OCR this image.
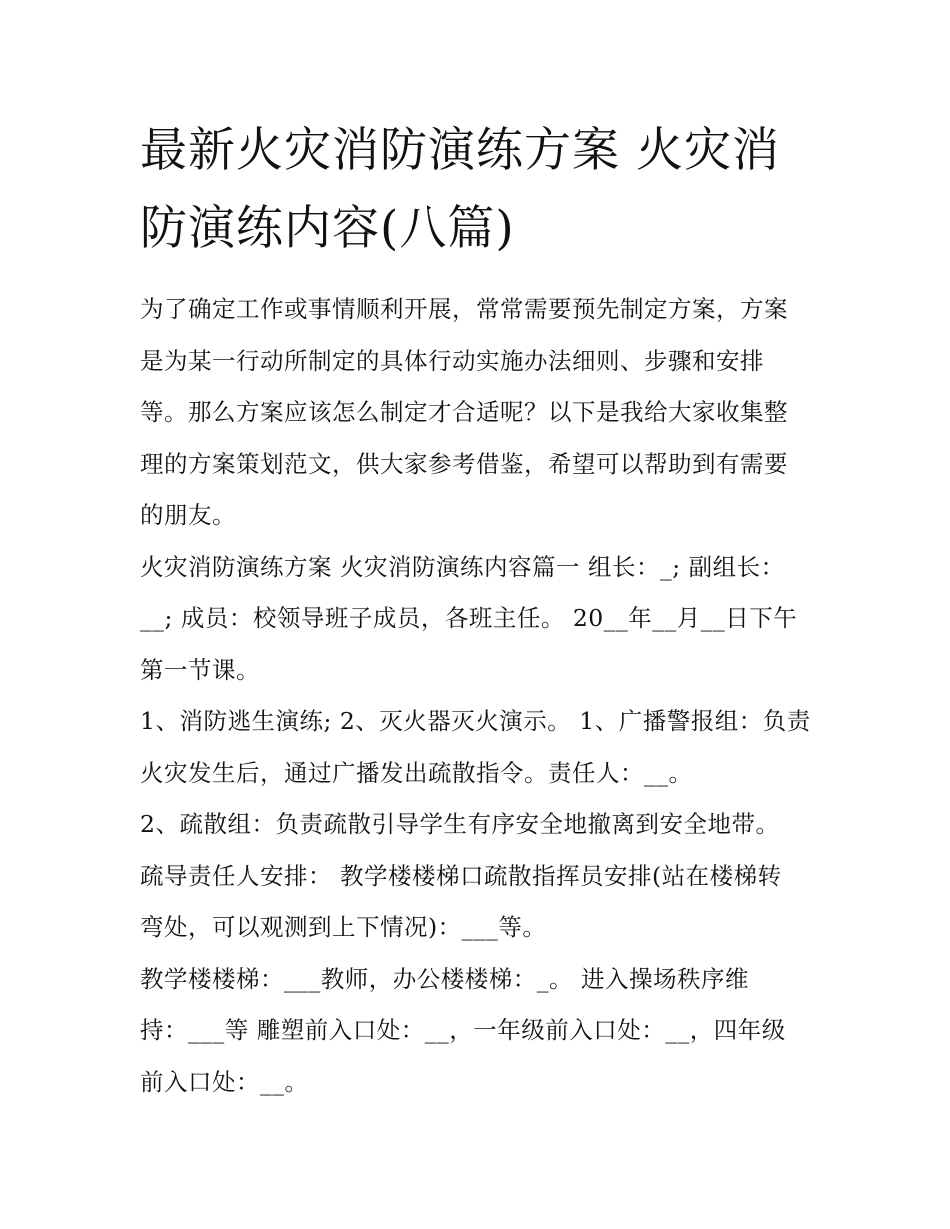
最新火灾消防演练方案 火灾消
防演练内容(八篇)

为了确定工作或事情顺利开展，常常需要预先制定方案，方案
是为某一行动所制定的具体行动实施办法细则、步骤和安排
等。那么方案应该怎么制定才合适呢？以下是我给大家收集整
理的方案策划范文，供大家参考借鉴，希望可以帮助到有需要
的朋友。

火灾消防演练方案 火灾消防演练内容篇一 组长：_; 副组长：
__; 成员：校领导班子成员，各班主任。 20__年__月__日下午
第一节课。

1、消防逃生演练; 2、灭火器灭火演示。 1、广播警报组：负责
火灾发生后，通过广播发出疏散指令。责任人：__。

2、疏散组：负责疏散引导学生有序安全地撤离到安全地带。
疏导责任人安排： 教学楼楼梯口疏散指挥员安排(站在楼梯转
弯处，可以观测到上下情况)：___等。

教学楼楼梯：___教师，办公楼楼梯：_。 进入操场秩序维
持：___等 雕塑前入口处：__，一年级前入口处：__，四年级
前入口处：__。
